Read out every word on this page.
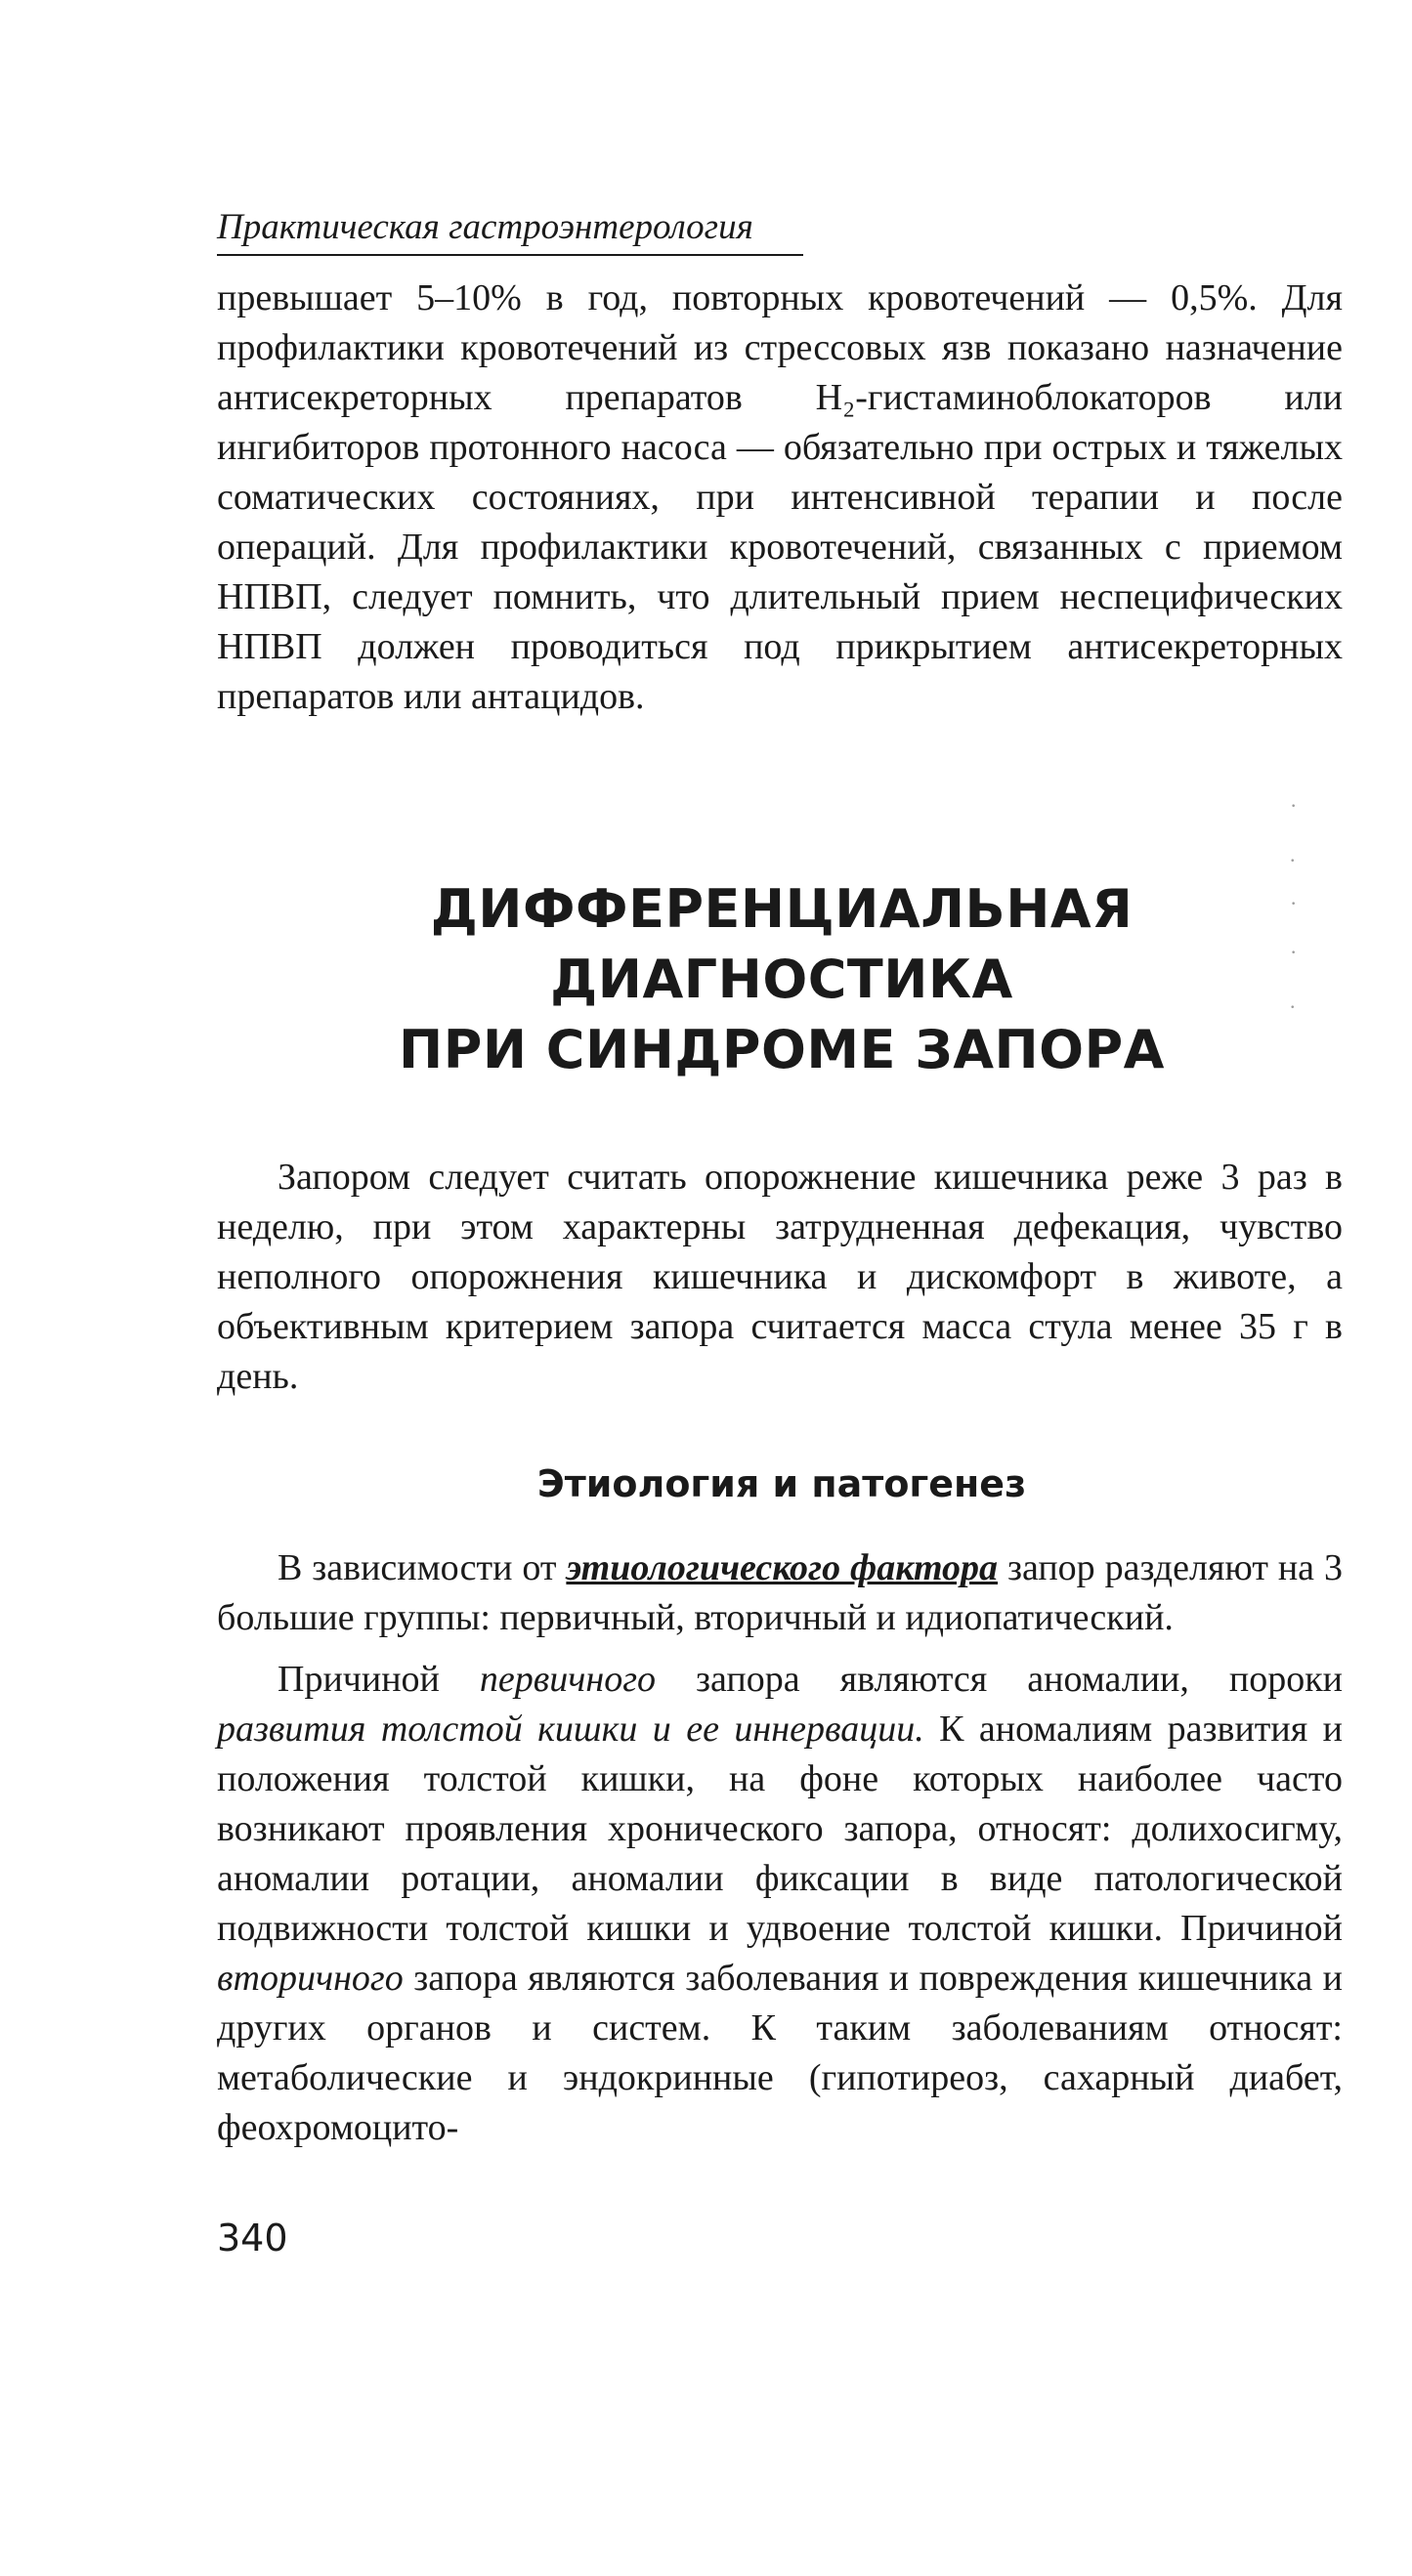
Практическая гастроэнтерология

превышает 5–10% в год, повторных кровотечений — 0,5%. Для профилактики кровотечений из стрессовых язв показано назначение антисекреторных препаратов H₂-гистаминоблокаторов или ингибиторов протонного насоса — обязательно при острых и тяжелых соматических состояниях, при интенсивной терапии и после операций. Для профилактики кровотечений, связанных с приемом НПВП, следует помнить, что длительный прием неспецифических НПВП должен проводиться под прикрытием антисекреторных препаратов или антацидов.

ДИФФЕРЕНЦИАЛЬНАЯ
ДИАГНОСТИКА
ПРИ СИНДРОМЕ ЗАПОРА
·
.
·
·
.

Запором следует считать опорожнение кишечника реже 3 раз в неделю, при этом характерны затрудненная дефекация, чувство неполного опорожнения кишечника и дискомфорт в животе, а объективным критерием запора считается масса стула менее 35 г в день.

Этиология и патогенез

В зависимости от этиологического фактора запор разделяют на 3 большие группы: первичный, вторичный и идиопатический.

Причиной первичного запора являются аномалии, пороки развития толстой кишки и ее иннервации. К аномалиям развития и положения толстой кишки, на фоне которых наиболее часто возникают проявления хронического запора, относят: долихосигму, аномалии ротации, аномалии фиксации в виде патологической подвижности толстой кишки и удвоение толстой кишки. Причиной вторичного запора являются заболевания и повреждения кишечника и других органов и систем. К таким заболеваниям относят: метаболические и эндокринные (гипотиреоз, сахарный диабет, феохромоцито-

340
